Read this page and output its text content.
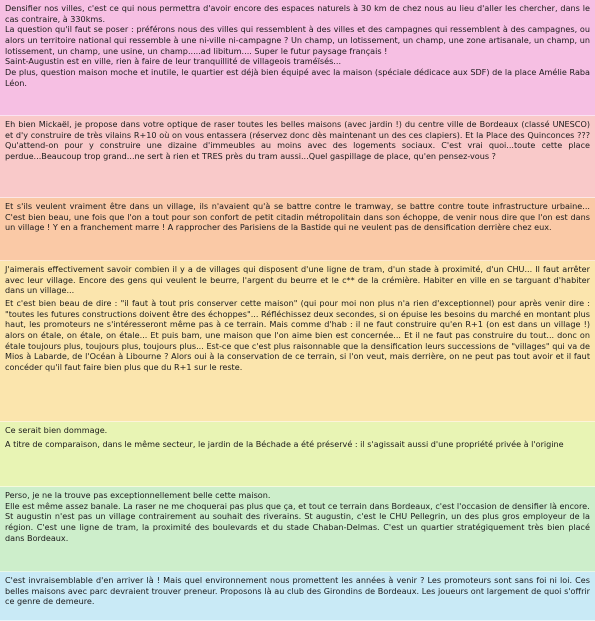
Densifier nos villes, c'est ce qui nous permettra d'avoir encore des espaces naturels à 30 km de chez nous au lieu d'aller les chercher, dans le cas contraire, à 330kms.

La question qu'il faut se poser : préférons nous des villes qui ressemblent à des villes et des campagnes qui ressemblent à des campagnes, ou alors un territoire national qui ressemble à une ni-ville ni-campagne ? Un champ, un lotissement, un champ, une zone artisanale, un champ, un lotissement, un champ, une usine, un champ.....ad libitum.... Super le futur paysage français !

Saint-Augustin est en ville, rien à faire de leur tranquillité de villageois traméïsés...

De plus, question maison moche et inutile, le quartier est déjà bien équipé avec la maison (spéciale dédicace aux SDF) de la place Amélie Raba Léon.

Eh bien Mickaël, je propose dans votre optique de raser toutes les belles maisons (avec jardin !) du centre ville de Bordeaux (classé UNESCO) et d'y construire de très vilains R+10 où on vous entassera (réservez donc dès maintenant un des ces clapiers). Et la Place des Quinconces ??? Qu'attend-on pour y construire une dizaine d'immeubles au moins avec des logements sociaux. C'est vrai quoi...toute cette place perdue...Beaucoup trop grand...ne sert à rien et TRES près du tram aussi...Quel gaspillage de place, qu'en pensez-vous ?

Et s'ils veulent vraiment être dans un village, ils n'avaient qu'à se battre contre le tramway, se battre contre toute infrastructure urbaine... C'est bien beau, une fois que l'on a tout pour son confort de petit citadin métropolitain dans son échoppe, de venir nous dire que l'on est dans un village ! Y en a franchement marre ! A rapprocher des Parisiens de la Bastide qui ne veulent pas de densification derrière chez eux.

J'aimerais effectivement savoir combien il y a de villages qui disposent d'une ligne de tram, d'un stade à proximité, d'un CHU... Il faut arrêter avec leur village. Encore des gens qui veulent le beurre, l'argent du beurre et le c** de la crémière. Habiter en ville en se targuant d'habiter dans un village...

Et c'est bien beau de dire : "il faut à tout pris conserver cette maison" (qui pour moi non plus n'a rien d'exceptionnel) pour après venir dire : "toutes les futures constructions doivent être des échoppes"... Réfléchissez deux secondes, si on épuise les besoins du marché en montant plus haut, les promoteurs ne s'intéresseront même pas à ce terrain. Mais comme d'hab : il ne faut construire qu'en R+1 (on est dans un village !) alors on étale, on étale, on étale... Et puis bam, une maison que l'on aime bien est concernée... Et il ne faut pas construire du tout... donc on étale toujours plus, toujours plus, toujours plus... Est-ce que c'est plus raisonnable que la densification leurs successions de "villages" qui va de Mios à Labarde, de l'Océan à Libourne ? Alors oui à la conservation de ce terrain, si l'on veut, mais derrière, on ne peut pas tout avoir et il faut concéder qu'il faut faire bien plus que du R+1 sur le reste.

Ce serait bien dommage.

A titre de comparaison, dans le même secteur, le jardin de la Béchade a été préservé : il s'agissait aussi d'une propriété privée à l'origine

Perso, je ne la trouve pas exceptionnellement belle cette maison.

Elle est même assez banale. La raser ne me choquerai pas plus que ça, et tout ce terrain dans Bordeaux, c'est l'occasion de densifier là encore.

St augustin n'est pas un village contrairement au souhait des riverains. St augustin, c'est le CHU Pellegrin, un des plus gros employeur de la région. C'est une ligne de tram, la proximité des boulevards et du stade Chaban-Delmas. C'est un quartier stratégiquement très bien placé dans Bordeaux.

C'est invraisemblable d'en arriver là ! Mais quel environnement nous promettent les années à venir ? Les promoteurs sont sans foi ni loi. Ces belles maisons avec parc devraient trouver preneur. Proposons là au club des Girondins de Bordeaux. Les joueurs ont largement de quoi s'offrir ce genre de demeure.
